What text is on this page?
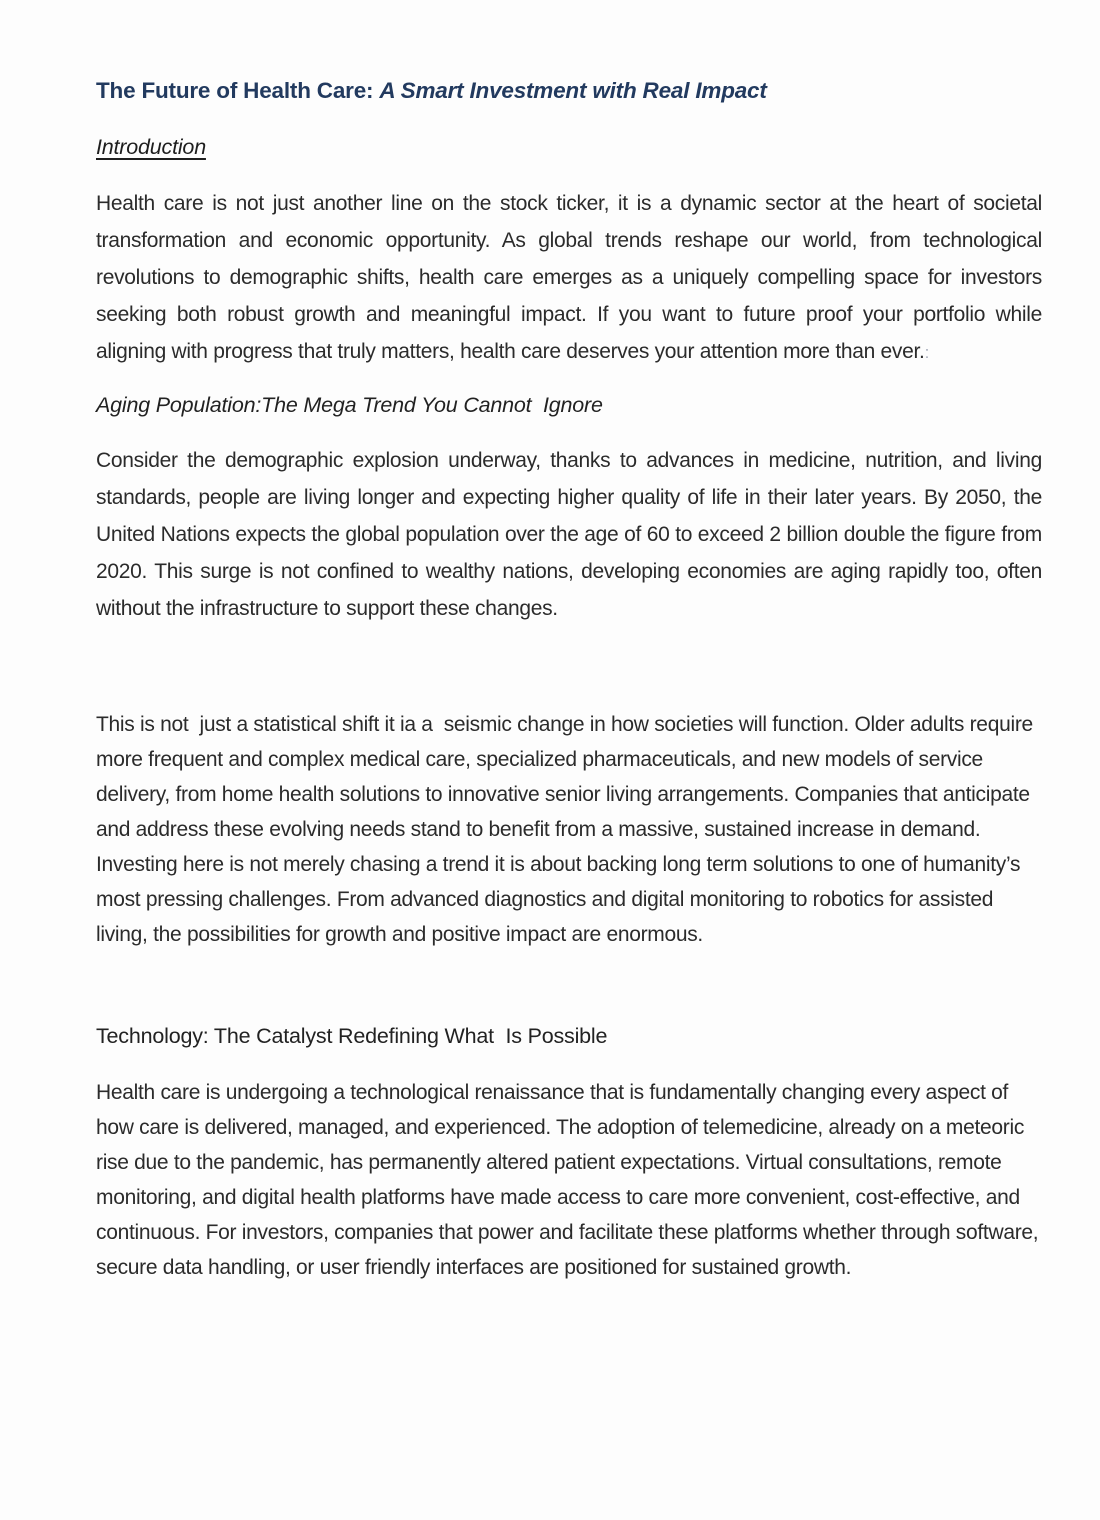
The Future of Health Care: A Smart Investment with Real Impact
Introduction

Health care is not just another line on the stock ticker, it is a dynamic sector at the heart of societal transformation and economic opportunity. As global trends reshape our world, from technological revolutions to demographic shifts, health care emerges as a uniquely compelling space for investors seeking both robust growth and meaningful impact. If you want to future proof your portfolio while aligning with progress that truly matters, health care deserves your attention more than ever.:

Aging Population:The Mega Trend You Cannot  Ignore

Consider the demographic explosion underway, thanks to advances in medicine, nutrition, and living standards, people are living longer and expecting higher quality of life in their later years. By 2050, the United Nations expects the global population over the age of 60 to exceed 2 billion double the figure from 2020. This surge is not confined to wealthy nations, developing economies are aging rapidly too, often without the infrastructure to support these changes.

This is not  just a statistical shift it ia a  seismic change in how societies will function. Older adults require more frequent and complex medical care, specialized pharmaceuticals, and new models of service delivery, from home health solutions to innovative senior living arrangements. Companies that anticipate and address these evolving needs stand to benefit from a massive, sustained increase in demand. Investing here is not merely chasing a trend it is about backing long term solutions to one of humanity’s most pressing challenges. From advanced diagnostics and digital monitoring to robotics for assisted living, the possibilities for growth and positive impact are enormous.

Technology: The Catalyst Redefining What  Is Possible

Health care is undergoing a technological renaissance that is fundamentally changing every aspect of how care is delivered, managed, and experienced. The adoption of telemedicine, already on a meteoric rise due to the pandemic, has permanently altered patient expectations. Virtual consultations, remote monitoring, and digital health platforms have made access to care more convenient, cost-effective, and continuous. For investors, companies that power and facilitate these platforms whether through software, secure data handling, or user friendly interfaces are positioned for sustained growth.
